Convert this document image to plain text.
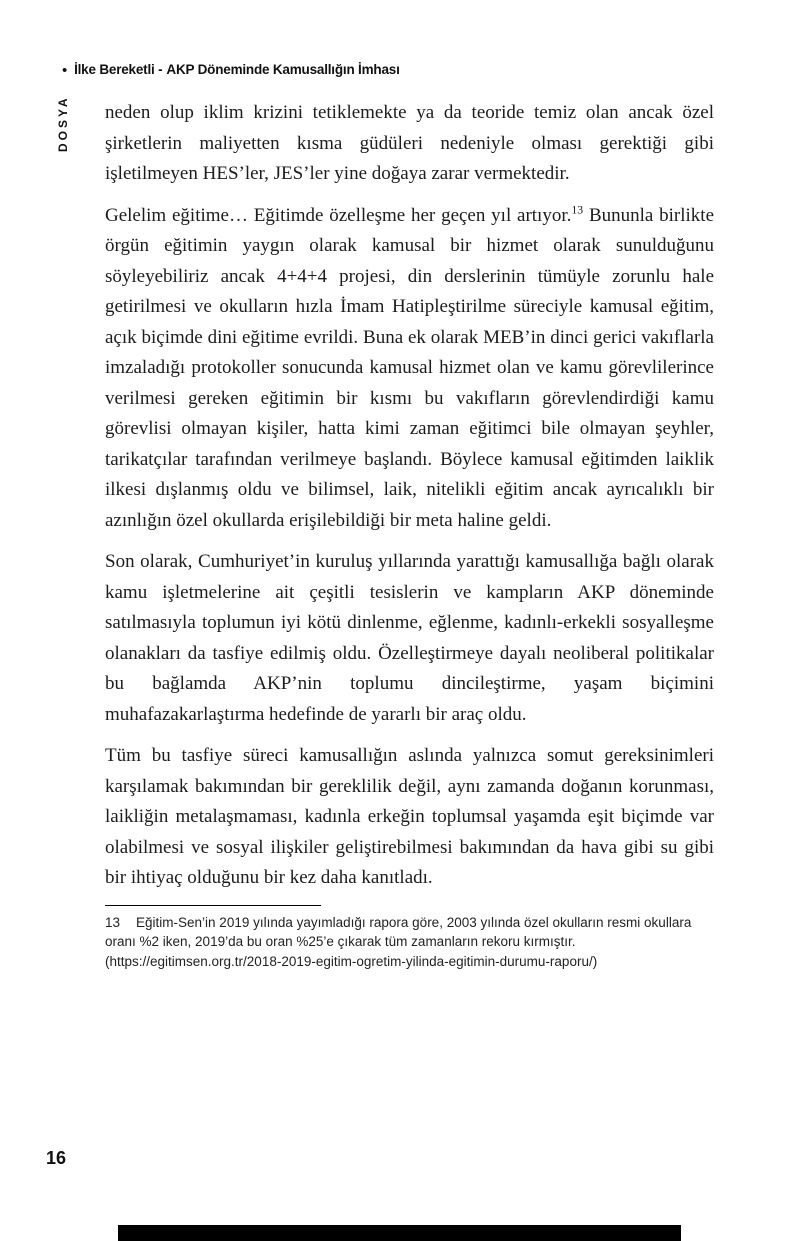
• İlke Bereketli - AKP Döneminde Kamusallığın İmhası
DOSYA neden olup iklim krizini tetiklemekte ya da teoride temiz olan ancak özel şirketlerin maliyetten kısma güdüleri nedeniyle olması gerektiği gibi işletilmeyen HES’ler, JES’ler yine doğaya zarar vermektedir.

Gelelim eğitime… Eğitimde özelleşme her geçen yıl artıyor.$^{13}$ Bununla birlikte örgün eğitimin yaygın olarak kamusal bir hizmet olarak sunulduğunu söyleyebiliriz ancak 4+4+4 projesi, din derslerinin tümüyle zorunlu hale getirilmesi ve okulların hızla İmam Hatipleştirilme süreciyle kamusal eğitim, açık biçimde dini eğitime evrildi. Buna ek olarak MEB’in dinci gerici vakıflarla imzaladığı protokoller sonucunda kamusal hizmet olan ve kamu görevlilerince verilmesi gereken eğitimin bir kısmı bu vakıfların görevlendirdiği kamu görevlisi olmayan kişiler, hatta kimi zaman eğitimci bile olmayan şeyhler, tarikatçılar tarafından verilmeye başlandı. Böylece kamusal eğitimden laiklik ilkesi dışlanmış oldu ve bilimsel, laik, nitelikli eğitim ancak ayrıcalıklı bir azınlığın özel okullarda erişilebildiği bir meta haline geldi.

Son olarak, Cumhuriyet’in kuruluş yıllarında yarattığı kamusallığa bağlı olarak kamu işletmelerine ait çeşitli tesislerin ve kampların AKP döneminde satılmasıyla toplumun iyi kötü dinlenme, eğlenme, kadınlı-erkekli sosyalleşme olanakları da tasfiye edilmiş oldu. Özelleştirmeye dayalı neoliberal politikalar bu bağlamda AKP’nin toplumu dincileştirme, yaşam biçimini muhafazakarlaştırma hedefinde de yararlı bir araç oldu.

Tüm bu tasfiye süreci kamusallığın aslında yalnızca somut gereksinimleri karşılamak bakımından bir gereklilik değil, aynı zamanda doğanın korunması, laikliğin metalaşmaması, kadınla erkeğin toplumsal yaşamda eşit biçimde var olabilmesi ve sosyal ilişkiler geliştirebilmesi bakımından da hava gibi su gibi bir ihtiyaç olduğunu bir kez daha kanıtladı.

13 Eğitim-Sen’in 2019 yılında yayımladığı rapora göre, 2003 yılında özel okulların resmi okullara oranı %2 iken, 2019’da bu oran %25’e çıkarak tüm zamanların rekoru kırmıştır. (https://egitimsen.org.tr/2018-2019-egitim-ogretim-yilinda-egitimin-durumu-raporu/)

16
